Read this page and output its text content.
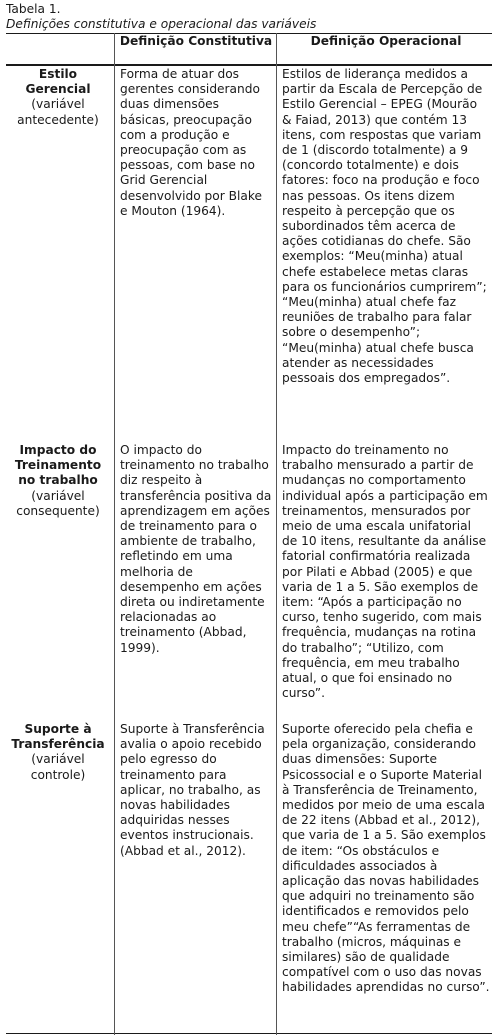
Tabela 1.
Definições constitutiva e operacional das variáveis
Definição Constitutiva	Definição Operacional
Estilo Gerencial
(variável antecedente)
Forma de atuar dos gerentes considerando duas dimensões básicas, preocupação com a produção e preocupação com as pessoas, com base no Grid Gerencial desenvolvido por Blake e Mouton (1964).
Estilos de liderança medidos a partir da Escala de Percepção de Estilo Gerencial – EPEG (Mourão & Faiad, 2013) que contém 13 itens, com respostas que variam de 1 (discordo totalmente) a 9 (concordo totalmente) e dois fatores: foco na produção e foco nas pessoas. Os itens dizem respeito à percepção que os subordinados têm acerca de ações cotidianas do chefe. São exemplos: “Meu(minha) atual chefe estabelece metas claras para os funcionários cumprirem”; “Meu(minha) atual chefe faz reuniões de trabalho para falar sobre o desempenho”; “Meu(minha) atual chefe busca atender as necessidades pessoais dos empregados”.
Impacto do Treinamento no trabalho
(variável consequente)
O impacto do treinamento no trabalho diz respeito à transferência positiva da aprendizagem em ações de treinamento para o ambiente de trabalho, refletindo em uma melhoria de desempenho em ações direta ou indiretamente relacionadas ao treinamento (Abbad, 1999).
Impacto do treinamento no trabalho mensurado a partir de mudanças no comportamento individual após a participação em treinamentos, mensurados por meio de uma escala unifatorial de 10 itens, resultante da análise fatorial confirmatória realizada por Pilati e Abbad (2005) e que varia de 1 a 5. São exemplos de item: “Após a participação no curso, tenho sugerido, com mais frequência, mudanças na rotina do trabalho”; “Utilizo, com frequência, em meu trabalho atual, o que foi ensinado no curso”.
Suporte à Transferência
(variável controle)
Suporte à Transferência avalia o apoio recebido pelo egresso do treinamento para aplicar, no trabalho, as novas habilidades adquiridas nesses eventos instrucionais. (Abbad et al., 2012).
Suporte oferecido pela chefia e pela organização, considerando duas dimensões: Suporte Psicossocial e o Suporte Material à Transferência de Treinamento, medidos por meio de uma escala de 22 itens (Abbad et al., 2012), que varia de 1 a 5. São exemplos de item: “Os obstáculos e dificuldades associados à aplicação das novas habilidades que adquiri no treinamento são identificados e removidos pelo meu chefe”“As ferramentas de trabalho (micros, máquinas e similares) são de qualidade compatível com o uso das novas habilidades aprendidas no curso”.
